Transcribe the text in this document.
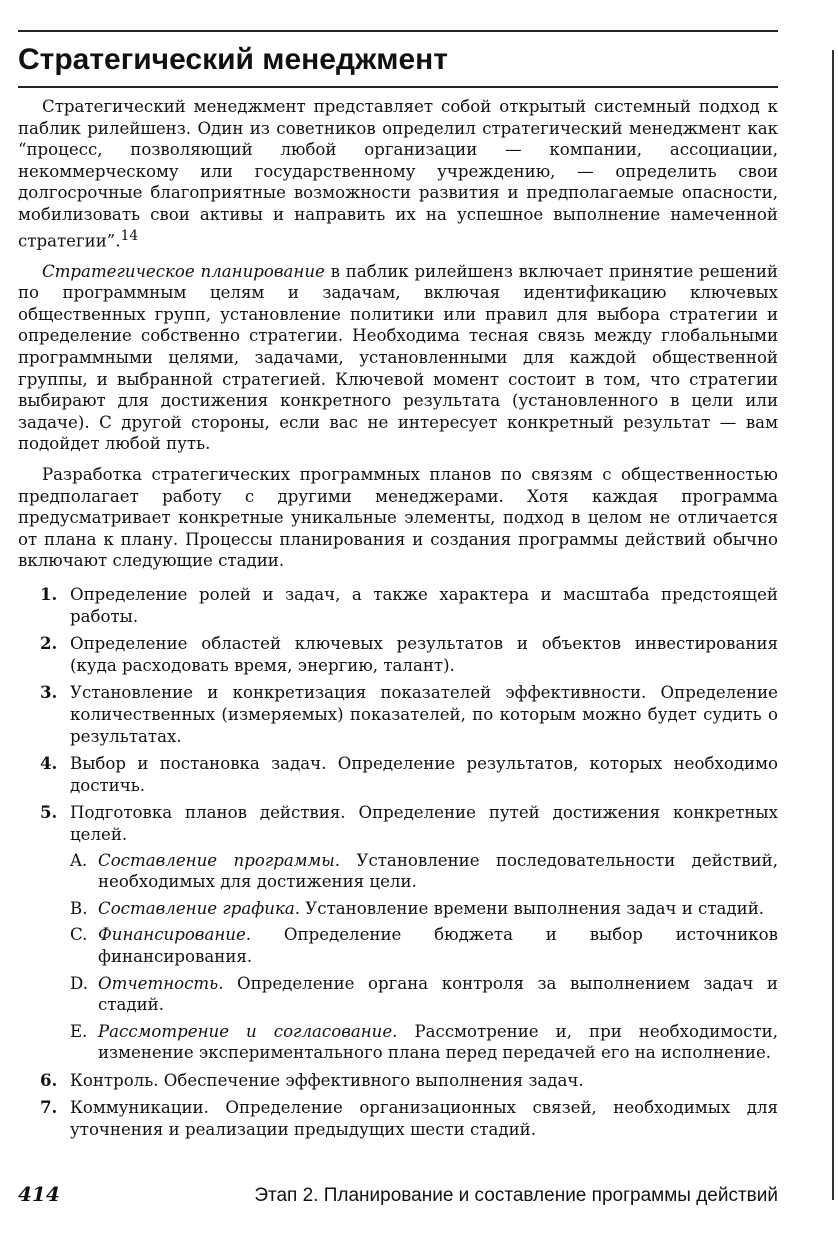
Стратегический менеджмент

Стратегический менеджмент представляет собой открытый системный подход к паблик рилейшенз. Один из советников определил стратегический менеджмент как “процесс, позволяющий любой организации — компании, ассоциации, некоммерческому или государственному учреждению, — определить свои долгосрочные благоприятные возможности развития и предполагаемые опасности, мобилизовать свои активы и направить их на успешное выполнение намеченной стратегии”.$^{14}$

Стратегическое планирование в паблик рилейшенз включает принятие решений по программным целям и задачам, включая идентификацию ключевых общественных групп, установление политики или правил для выбора стратегии и определение собственно стратегии. Необходима тесная связь между глобальными программными целями, задачами, установленными для каждой общественной группы, и выбранной стратегией. Ключевой момент состоит в том, что стратегии выбирают для достижения конкретного результата (установленного в цели или задаче). С другой стороны, если вас не интересует конкретный результат — вам подойдет любой путь.

Разработка стратегических программных планов по связям с общественностью предполагает работу с другими менеджерами. Хотя каждая программа предусматривает конкретные уникальные элементы, подход в целом не отличается от плана к плану. Процессы планирования и создания программы действий обычно включают следующие стадии.

1. Определение ролей и задач, а также характера и масштаба предстоящей работы.
2. Определение областей ключевых результатов и объектов инвестирования (куда расходовать время, энергию, талант).
3. Установление и конкретизация показателей эффективности. Определение количественных (измеряемых) показателей, по которым можно будет судить о результатах.
4. Выбор и постановка задач. Определение результатов, которых необходимо достичь.
5. Подготовка планов действия. Определение путей достижения конкретных целей.
A. Составление программы. Установление последовательности действий, необходимых для достижения цели.
B. Составление графика. Установление времени выполнения задач и стадий.
C. Финансирование. Определение бюджета и выбор источников финансирования.
D. Отчетность. Определение органа контроля за выполнением задач и стадий.
E. Рассмотрение и согласование. Рассмотрение и, при необходимости, изменение экспериментального плана перед передачей его на исполнение.
6. Контроль. Обеспечение эффективного выполнения задач.
7. Коммуникации. Определение организационных связей, необходимых для уточнения и реализации предыдущих шести стадий.
414	Этап 2. Планирование и составление программы действий
